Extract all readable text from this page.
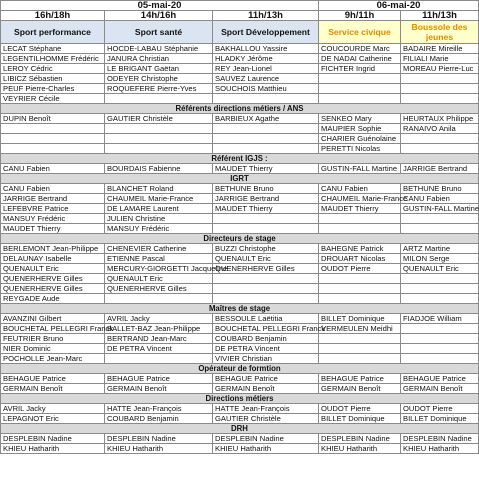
05-mai-20			06-mai-20	
16h/18h	14h/16h	11h/13h	9h/11h	11h/13h
Sport performance	Sport santé	Sport Développement	Service civique	Boussole des jeunes
LECAT Stéphane	HOCDE-LABAU Stéphanie	BAKHALLOU Yassire	COUCOURDE Marc	BADAIRE Mireille
LEGENTILHOMME Frédéric	JANURA Christian	HLADKY Jérôme	DE NADAI Catherine	FILIALI Marie
LEROY Cédric	LE BRIGANT Gaëtan	REY Jean-Lionel	FICHTER Ingrid	MOREAU Pierre-Luc
LIBICZ Sébastien	ODEYER Christophe	SAUVEZ Laurence		
PEUF Pierre-Charles	ROQUEFERE Pierre-Yves	SOUCHOIS Matthieu		
VEYRIER Cécile				
Référents directions métiers / ANS				
DUPIN Benoît	GAUTIER Christèle	BARBIEUX Agathe	SENKEO Mary	HEURTAUX Philippe
			MAUPIER Sophie	RANAIVO Anila
			CHARIER Guénolaine	
			PERETTI Nicolas	
Référent IGJS :				
CANU Fabien	BOURDAIS Fabienne	MAUDET Thierry	GUSTIN-FALL Martine	JARRIGE Bertrand
IGRT				
CANU Fabien	BLANCHET Roland	BETHUNE Bruno	CANU Fabien	BETHUNE Bruno
JARRIGE Bertrand	CHAUMEIL Marie-France	JARRIGE Bertrand	CHAUMEIL Marie-France	CANU Fabien
LEFEBVRE Patrice	DE LAMARE Laurent	MAUDET Thierry	MAUDET Thierry	GUSTIN-FALL Martine
MANSUY Frédéric	JULIEN Christine			
MAUDET Thierry	MANSUY Frédéric			
Directeurs de stage				
BERLEMONT Jean-Philippe	CHENEVIER Catherine	BUZZI Christophe	BAHEGNE Patrick	ARTZ Martine
DELAUNAY Isabelle	ETIENNE Pascal	QUENAULT Eric	DROUART Nicolas	MILON Serge
QUENAULT Eric	MERCURY-GIORGETTI Jacqueline	QUENERHERVE Gilles	OUDOT Pierre	QUENAULT Eric
QUENERHERVE Gilles	QUENAULT Eric			
QUENERHERVE Gilles	QUENERHERVE Gilles			
REYGADE Aude				
Maîtres de stage				
AVANZINI Gilbert	AVRIL Jacky	BESSOULE Laëtitia	BILLET Dominique	FIADJOE William
BOUCHETAL PELLEGRI Franck	BALLET-BAZ Jean-Philippe	BOUCHETAL PELLEGRI Franck	VERMEULEN Meidhi	
FEUTRIER Bruno	BERTRAND Jean-Marc	COUBARD Benjamin		
NIER Dominic	DE PETRA Vincent	DE PETRA Vincent		
POCHOLLE Jean-Marc		VIVIER Christian		
Opérateur de formtion				
BEHAGUE Patrice	BEHAGUE Patrice	BEHAGUE Patrice	BEHAGUE Patrice	BEHAGUE Patrice
GERMAIN Benoît	GERMAIN Benoît	GERMAIN Benoît	GERMAIN Benoît	GERMAIN Benoît
Directions métiers				
AVRIL Jacky	HATTE Jean-François	HATTE Jean-François	OUDOT Pierre	OUDOT Pierre
LEPAGNOT Eric	COUBARD Benjamin	GAUTIER Christèle	BILLET Dominique	BILLET Dominique
DRH				
DESPLEBIN Nadine	DESPLEBIN Nadine	DESPLEBIN Nadine	DESPLEBIN Nadine	DESPLEBIN Nadine
KHIEU Hatharith	KHIEU Hatharith	KHIEU Hatharith	KHIEU Hatharith	KHIEU Hatharith
